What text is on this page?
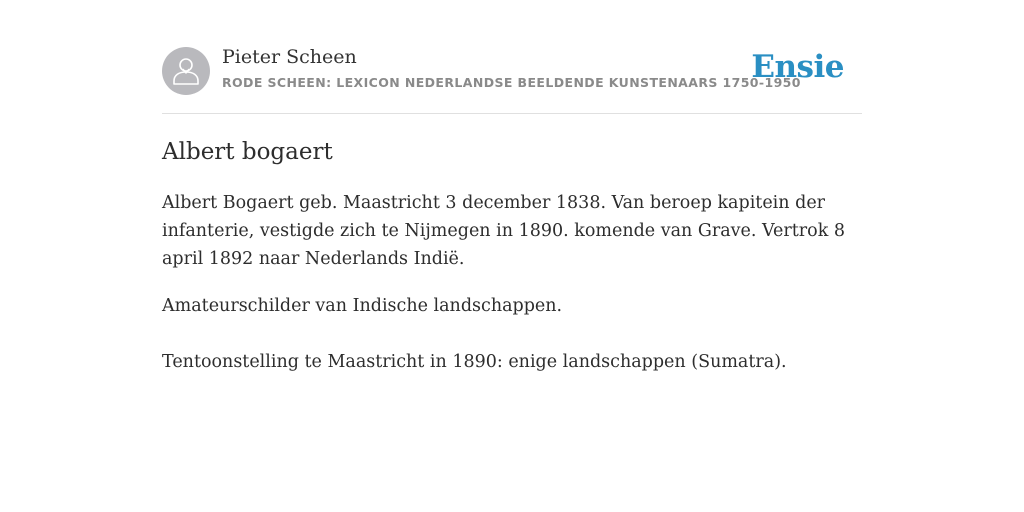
Pieter Scheen
RODE SCHEEN: LEXICON NEDERLANDSE BEELDENDE KUNSTENAARS 1750-1950
Ensie
Albert bogaert

Albert Bogaert geb. Maastricht 3 december 1838. Van beroep kapitein der infanterie, vestigde zich te Nijmegen in 1890. komende van Grave. Vertrok 8 april 1892 naar Nederlands Indië.

Amateurschilder van Indische landschappen.

Tentoonstelling te Maastricht in 1890: enige landschappen (Sumatra).
